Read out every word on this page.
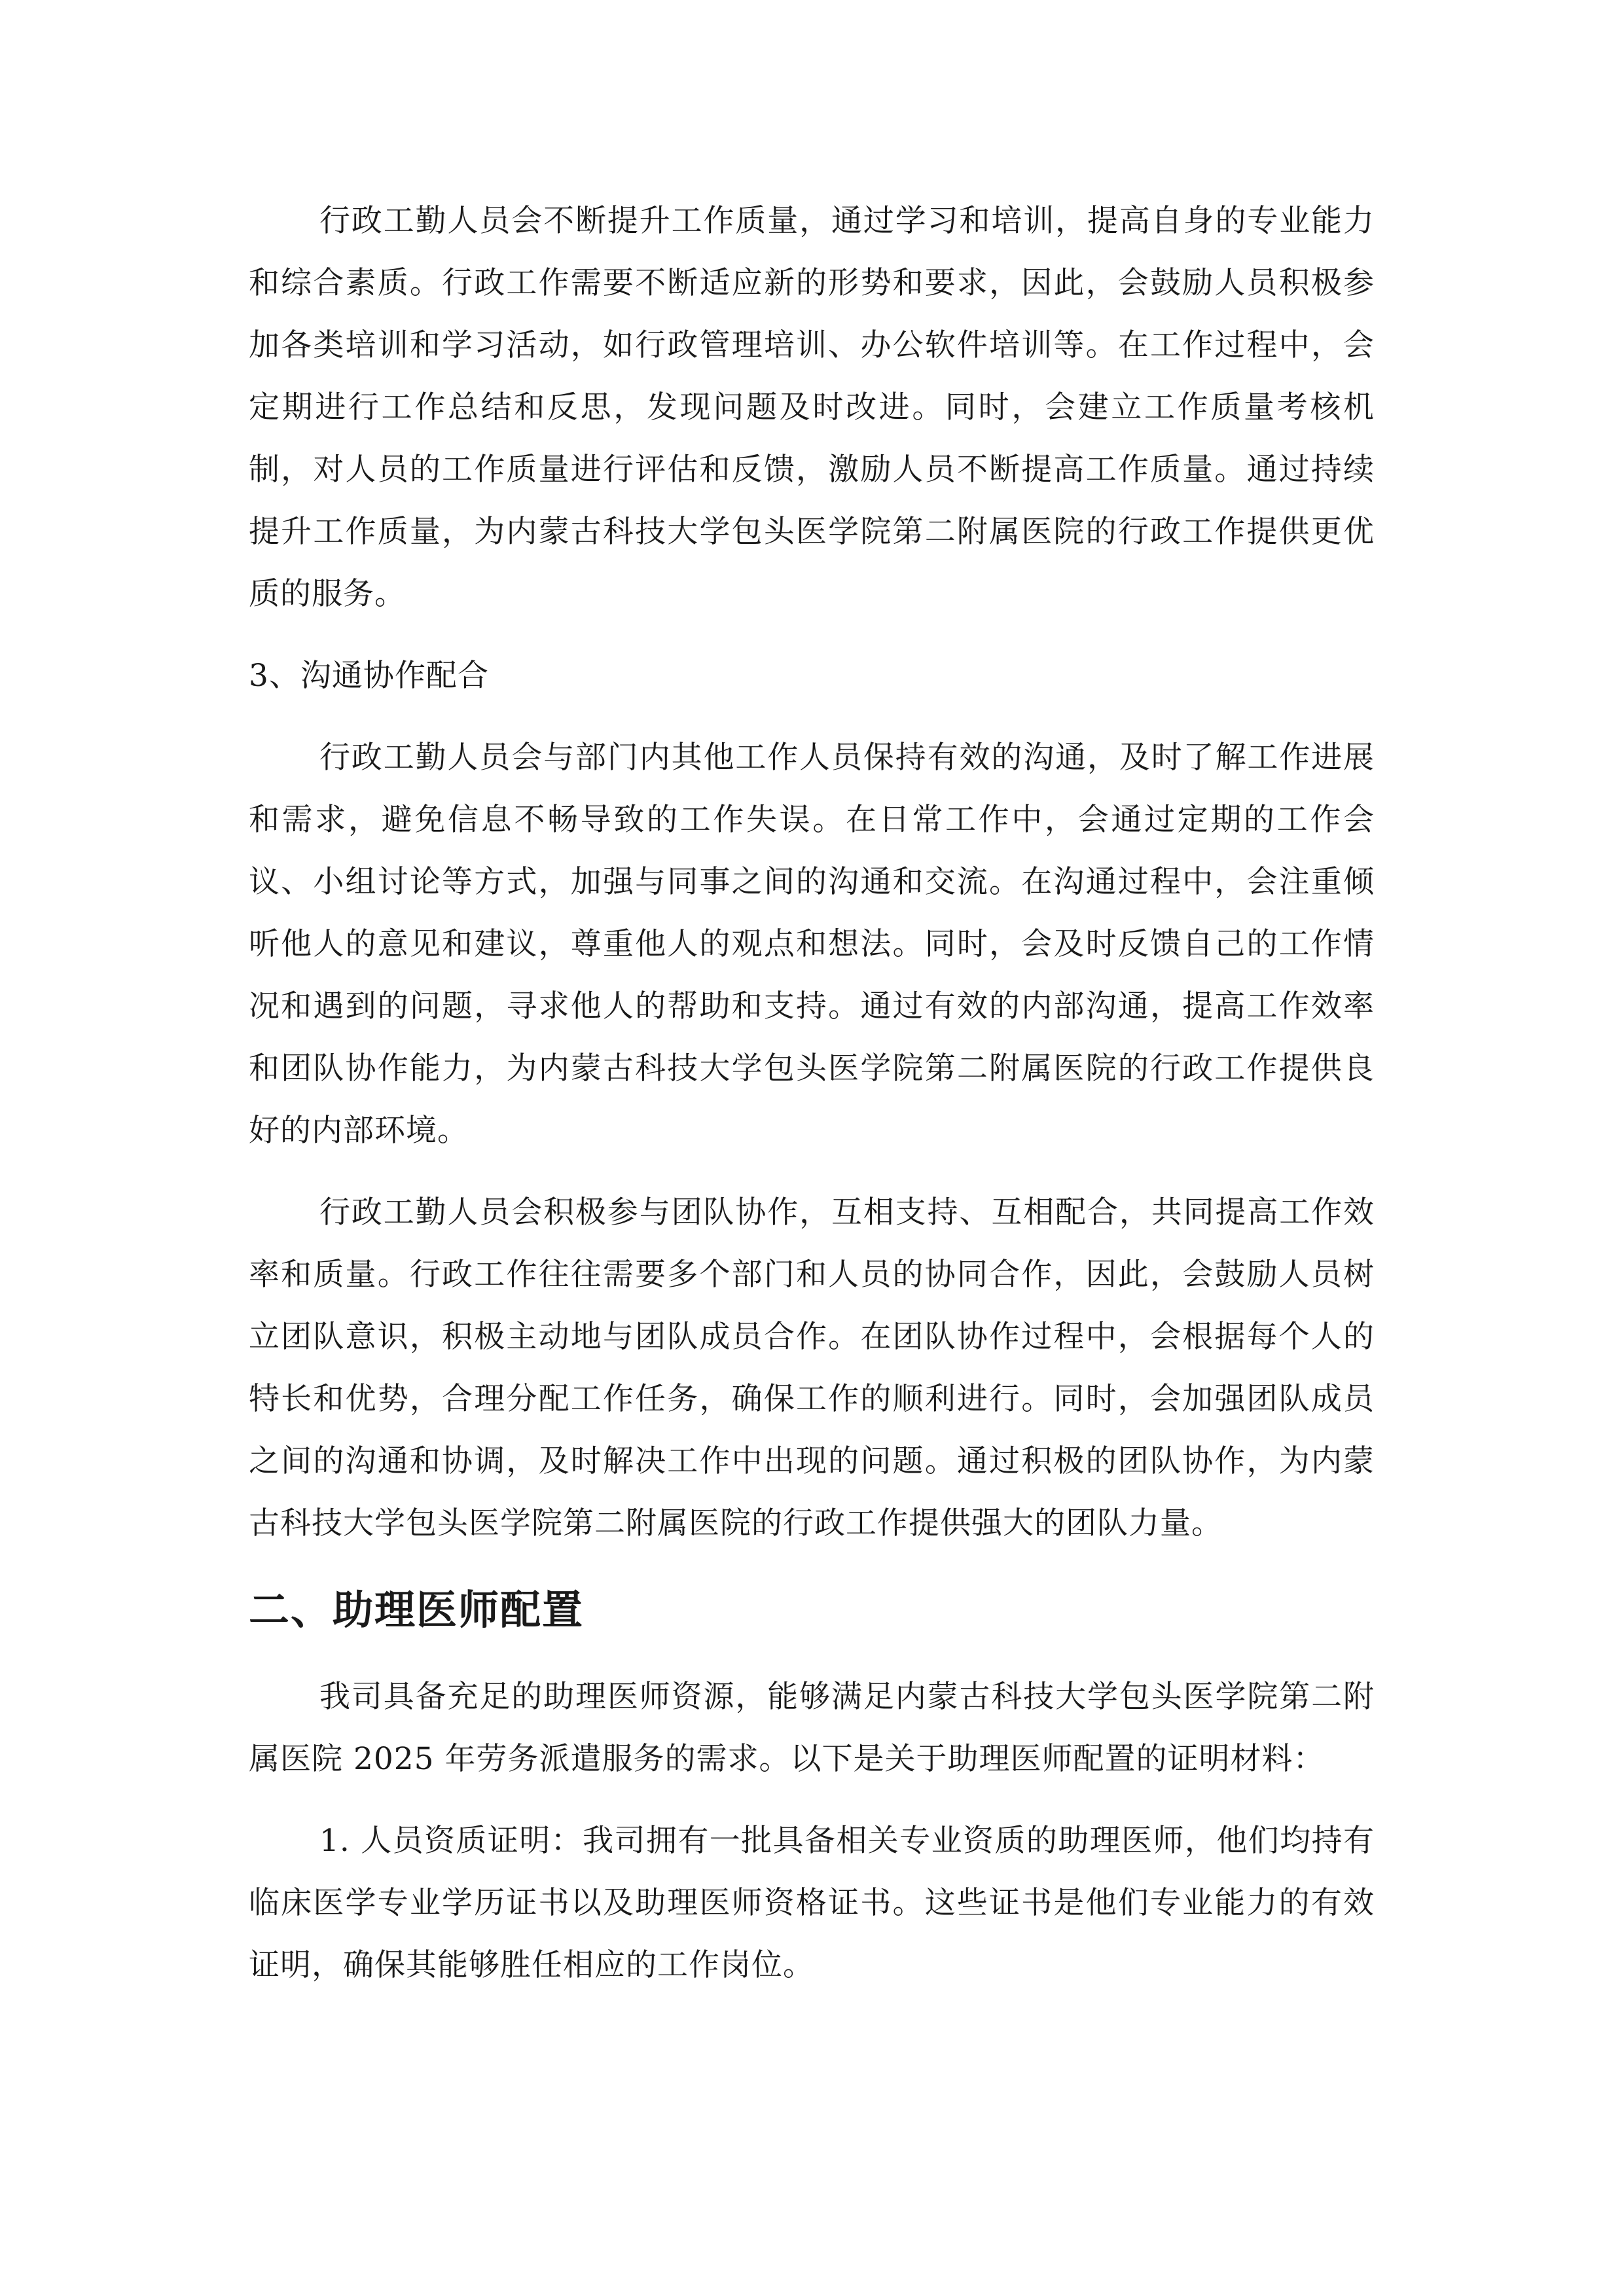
行政工勤人员会不断提升工作质量，通过学习和培训，提高自身的专业能力和综合素质。行政工作需要不断适应新的形势和要求，因此，会鼓励人员积极参加各类培训和学习活动，如行政管理培训、办公软件培训等。在工作过程中，会定期进行工作总结和反思，发现问题及时改进。同时，会建立工作质量考核机制，对人员的工作质量进行评估和反馈，激励人员不断提高工作质量。通过持续提升工作质量，为内蒙古科技大学包头医学院第二附属医院的行政工作提供更优质的服务。

3、沟通协作配合

行政工勤人员会与部门内其他工作人员保持有效的沟通，及时了解工作进展和需求，避免信息不畅导致的工作失误。在日常工作中，会通过定期的工作会议、小组讨论等方式，加强与同事之间的沟通和交流。在沟通过程中，会注重倾听他人的意见和建议，尊重他人的观点和想法。同时，会及时反馈自己的工作情况和遇到的问题，寻求他人的帮助和支持。通过有效的内部沟通，提高工作效率和团队协作能力，为内蒙古科技大学包头医学院第二附属医院的行政工作提供良好的内部环境。

行政工勤人员会积极参与团队协作，互相支持、互相配合，共同提高工作效率和质量。行政工作往往需要多个部门和人员的协同合作，因此，会鼓励人员树立团队意识，积极主动地与团队成员合作。在团队协作过程中，会根据每个人的特长和优势，合理分配工作任务，确保工作的顺利进行。同时，会加强团队成员之间的沟通和协调，及时解决工作中出现的问题。通过积极的团队协作，为内蒙古科技大学包头医学院第二附属医院的行政工作提供强大的团队力量。

二、助理医师配置

我司具备充足的助理医师资源，能够满足内蒙古科技大学包头医学院第二附属医院 2025 年劳务派遣服务的需求。以下是关于助理医师配置的证明材料：

1. 人员资质证明：我司拥有一批具备相关专业资质的助理医师，他们均持有临床医学专业学历证书以及助理医师资格证书。这些证书是他们专业能力的有效证明，确保其能够胜任相应的工作岗位。
